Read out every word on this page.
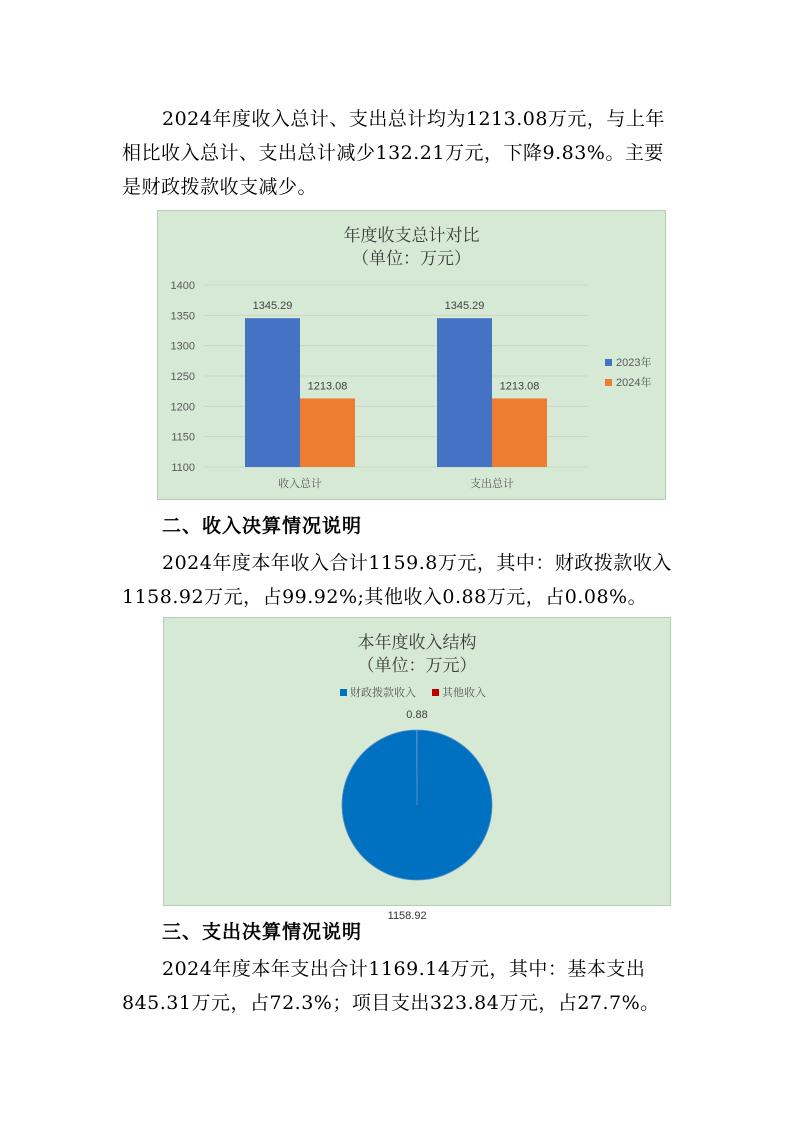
2024年度收入总计、支出总计均为1213.08万元，与上年相比收入总计、支出总计减少132.21万元，下降9.83%。主要是财政拨款收支减少。

年度收支总计对比

（单位：万元）

1100
1150
1200
1250
1300
1350
1400
1345.29
1213.08
收入总计
1345.29
1213.08
支出总计
2023年
2024年

二、收入决算情况说明

2024年度本年收入合计1159.8万元，其中：财政拨款收入1158.92万元，占99.92%;其他收入0.88万元，占0.08%。

本年度收入结构

（单位：万元）

财政拨款收入 其他收入
1158.92
0.88

三、支出决算情况说明

2024年度本年支出合计1169.14万元，其中：基本支出845.31万元，占72.3%；项目支出323.84万元，占27.7%。
